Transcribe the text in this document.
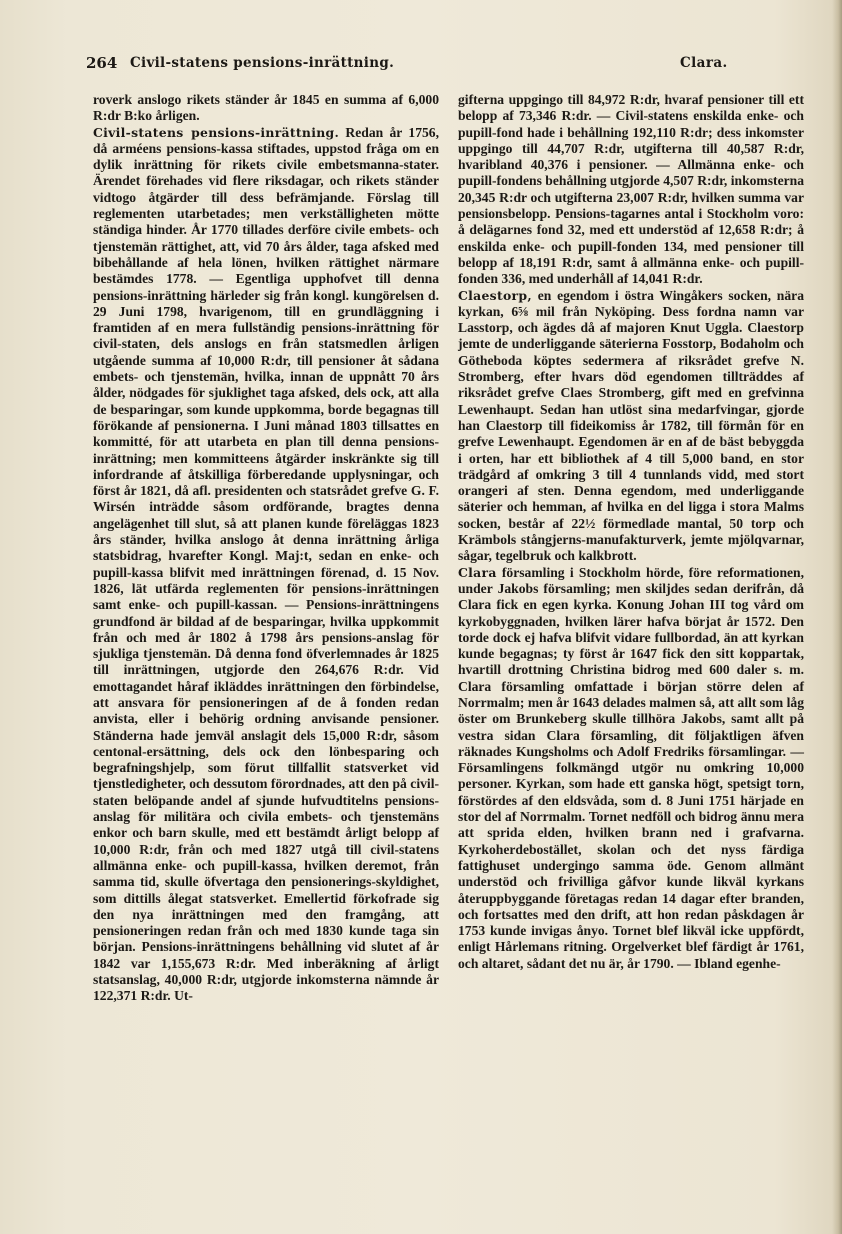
264 Civil-statens pensions-inrättning.	Clara.

roverk anslogo rikets ständer år 1845 en summa af 6,000 R:dr B:ko årligen.

Civil-statens pensions-inrättning. Redan år 1756, då arméens pensions-kassa stiftades, uppstod fråga om en dylik inrättning för rikets civile embetsmanna-stater. Ärendet förehades vid flere riksdagar, och rikets ständer vidtogo åtgärder till dess befrämjande. Förslag till reglementen utarbetades; men verkställigheten mötte ständiga hinder. År 1770 tillades derföre civile embets- och tjenstemän rättighet, att, vid 70 års ålder, taga afsked med bibehållande af hela lönen, hvilken rättighet närmare bestämdes 1778. — Egentliga upphofvet till denna pensions-inrättning härleder sig från kongl. kungörelsen d. 29 Juni 1798, hvarigenom, till en grundläggning i framtiden af en mera fullständig pensions-inrättning för civil-staten, dels anslogs en från statsmedlen årligen utgående summa af 10,000 R:dr, till pensioner åt sådana embets- och tjenstemän, hvilka, innan de uppnått 70 års ålder, nödgades för sjuklighet taga afsked, dels ock, att alla de besparingar, som kunde uppkomma, borde begagnas till förökande af pensionerna. I Juni månad 1803 tillsattes en kommitté, för att utarbeta en plan till denna pensions-inrättning; men kommitteens åtgärder inskränkte sig till infordrande af åtskilliga förberedande upplysningar, och först år 1821, då afl. presidenten och statsrådet grefve G. F. Wirsén inträdde såsom ordförande, bragtes denna angelägenhet till slut, så att planen kunde föreläggas 1823 års ständer, hvilka anslogo åt denna inrättning årliga statsbidrag, hvarefter Kongl. Maj:t, sedan en enke- och pupill-kassa blifvit med inrättningen förenad, d. 15 Nov. 1826, lät utfärda reglementen för pensions-inrättningen samt enke- och pupill-kassan. — Pensions-inrättningens grundfond är bildad af de besparingar, hvilka uppkommit från och med år 1802 å 1798 års pensions-anslag för sjukliga tjenstemän. Då denna fond öfverlemnades år 1825 till inrättningen, utgjorde den 264,676 R:dr. Vid emottagandet håraf ikläddes inrättningen den förbindelse, att ansvara för pensioneringen af de å fonden redan anvista, eller i behörig ordning anvisande pensioner. Ständerna hade jemväl anslagit dels 15,000 R:dr, såsom centonal-ersättning, dels ock den lönbesparing och begrafningshjelp, som förut tillfallit statsverket vid tjenstledigheter, och dessutom förordnades, att den på civil-staten belöpande andel af sjunde hufvudtitelns pensions-anslag för militära och civila embets- och tjenstemäns enkor och barn skulle, med ett bestämdt årligt belopp af 10,000 R:dr, från och med 1827 utgå till civil-statens allmänna enke- och pupill-kassa, hvilken deremot, från samma tid, skulle öfvertaga den pensionerings-skyldighet, som dittills ålegat statsverket. Emellertid förkofrade sig den nya inrättningen med den framgång, att pensioneringen redan från och med 1830 kunde taga sin början. Pensions-inrättningens behållning vid slutet af år 1842 var 1,155,673 R:dr. Med inberäkning af årligt statsanslag, 40,000 R:dr, utgjorde inkomsterna nämnde år 122,371 R:dr. Ut-

gifterna uppgingo till 84,972 R:dr, hvaraf pensioner till ett belopp af 73,346 R:dr. — Civil-statens enskilda enke- och pupill-fond hade i behållning 192,110 R:dr; dess inkomster uppgingo till 44,707 R:dr, utgifterna till 40,587 R:dr, hvaribland 40,376 i pensioner. — Allmänna enke- och pupill-fondens behållning utgjorde 4,507 R:dr, inkomsterna 20,345 R:dr och utgifterna 23,007 R:dr, hvilken summa var pensionsbelopp. Pensions-tagarnes antal i Stockholm voro: å delägarnes fond 32, med ett understöd af 12,658 R:dr; å enskilda enke- och pupill-fonden 134, med pensioner till belopp af 18,191 R:dr, samt å allmänna enke- och pupill-fonden 336, med underhåll af 14,041 R:dr.

Claestorp, en egendom i östra Wingåkers socken, nära kyrkan, 6⅝ mil från Nyköping. Dess fordna namn var Lasstorp, och ägdes då af majoren Knut Uggla. Claestorp jemte de underliggande säterierna Fosstorp, Bodaholm och Götheboda köptes sedermera af riksrådet grefve N. Stromberg, efter hvars död egendomen tillträddes af riksrådet grefve Claes Stromberg, gift med en grefvinna Lewenhaupt. Sedan han utlöst sina medarfvingar, gjorde han Claestorp till fideikomiss år 1782, till förmån för en grefve Lewenhaupt. Egendomen är en af de bäst bebyggda i orten, har ett bibliothek af 4 till 5,000 band, en stor trädgård af omkring 3 till 4 tunnlands vidd, med stort orangeri af sten. Denna egendom, med underliggande säterier och hemman, af hvilka en del ligga i stora Malms socken, består af 22½ förmedlade mantal, 50 torp och Krämbols stångjerns-manufakturverk, jemte mjölqvarnar, sågar, tegelbruk och kalkbrott.

Clara församling i Stockholm hörde, före reformationen, under Jakobs församling; men skiljdes sedan derifrån, då Clara fick en egen kyrka. Konung Johan III tog vård om kyrkobyggnaden, hvilken lärer hafva börjat år 1572. Den torde dock ej hafva blifvit vidare fullbordad, än att kyrkan kunde begagnas; ty först år 1647 fick den sitt koppartak, hvartill drottning Christina bidrog med 600 daler s. m. Clara församling omfattade i början större delen af Norrmalm; men år 1643 delades malmen så, att allt som låg öster om Brunkeberg skulle tillhöra Jakobs, samt allt på vestra sidan Clara församling, dit följaktligen äfven räknades Kungsholms och Adolf Fredriks församlingar. — Församlingens folkmängd utgör nu omkring 10,000 personer. Kyrkan, som hade ett ganska högt, spetsigt torn, förstördes af den eldsvåda, som d. 8 Juni 1751 härjade en stor del af Norrmalm. Tornet nedföll och bidrog ännu mera att sprida elden, hvilken brann ned i grafvarna. Kyrkoherdebostället, skolan och det nyss färdiga fattighuset undergingo samma öde. Genom allmänt understöd och frivilliga gåfvor kunde likväl kyrkans återuppbyggande företagas redan 14 dagar efter branden, och fortsattes med den drift, att hon redan påskdagen år 1753 kunde invigas ånyo. Tornet blef likväl icke uppfördt, enligt Hårlemans ritning. Orgelverket blef färdigt år 1761, och altaret, sådant det nu är, år 1790. — Ibland egenhe-
